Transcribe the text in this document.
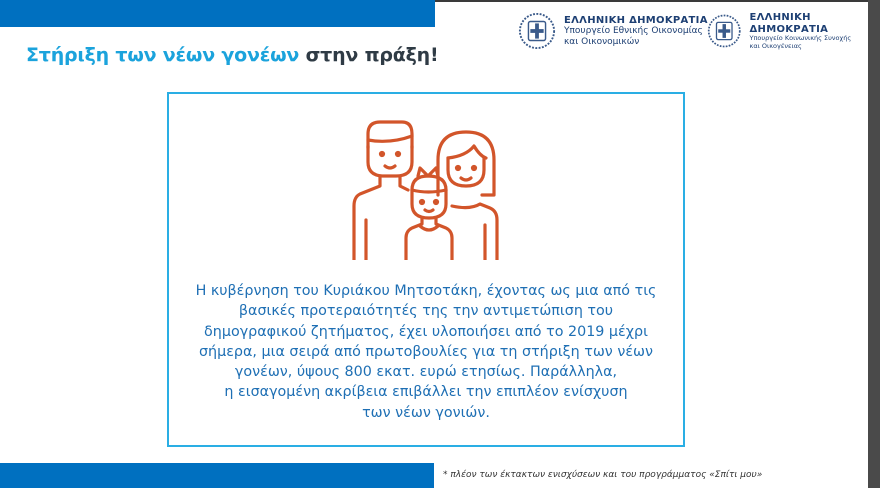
Στήριξη των νέων γονέων στην πράξη!
ΕΛΛΗΝΙΚΗ ΔΗΜΟΚΡΑΤΙΑ
Υπουργείο Εθνικής Οικονομίας
και Οικονομικών
ΕΛΛΗΝΙΚΗ ΔΗΜΟΚΡΑΤΙΑ
Υπουργείο Κοινωνικής Συνοχής
και Οικογένειας
Η κυβέρνηση του Κυριάκου Μητσοτάκη, έχοντας ως μια από τις
βασικές προτεραιότητές της την αντιμετώπιση του
δημογραφικού ζητήματος, έχει υλοποιήσει από το 2019 μέχρι
σήμερα, μια σειρά από πρωτοβουλίες για τη στήριξη των νέων
γονέων, ύψους 800 εκατ. ευρώ ετησίως. Παράλληλα,
η εισαγομένη ακρίβεια επιβάλλει την επιπλέον ενίσχυση
των νέων γονιών.
* πλέον των έκτακτων ενισχύσεων και του προγράμματος «Σπίτι μου»
